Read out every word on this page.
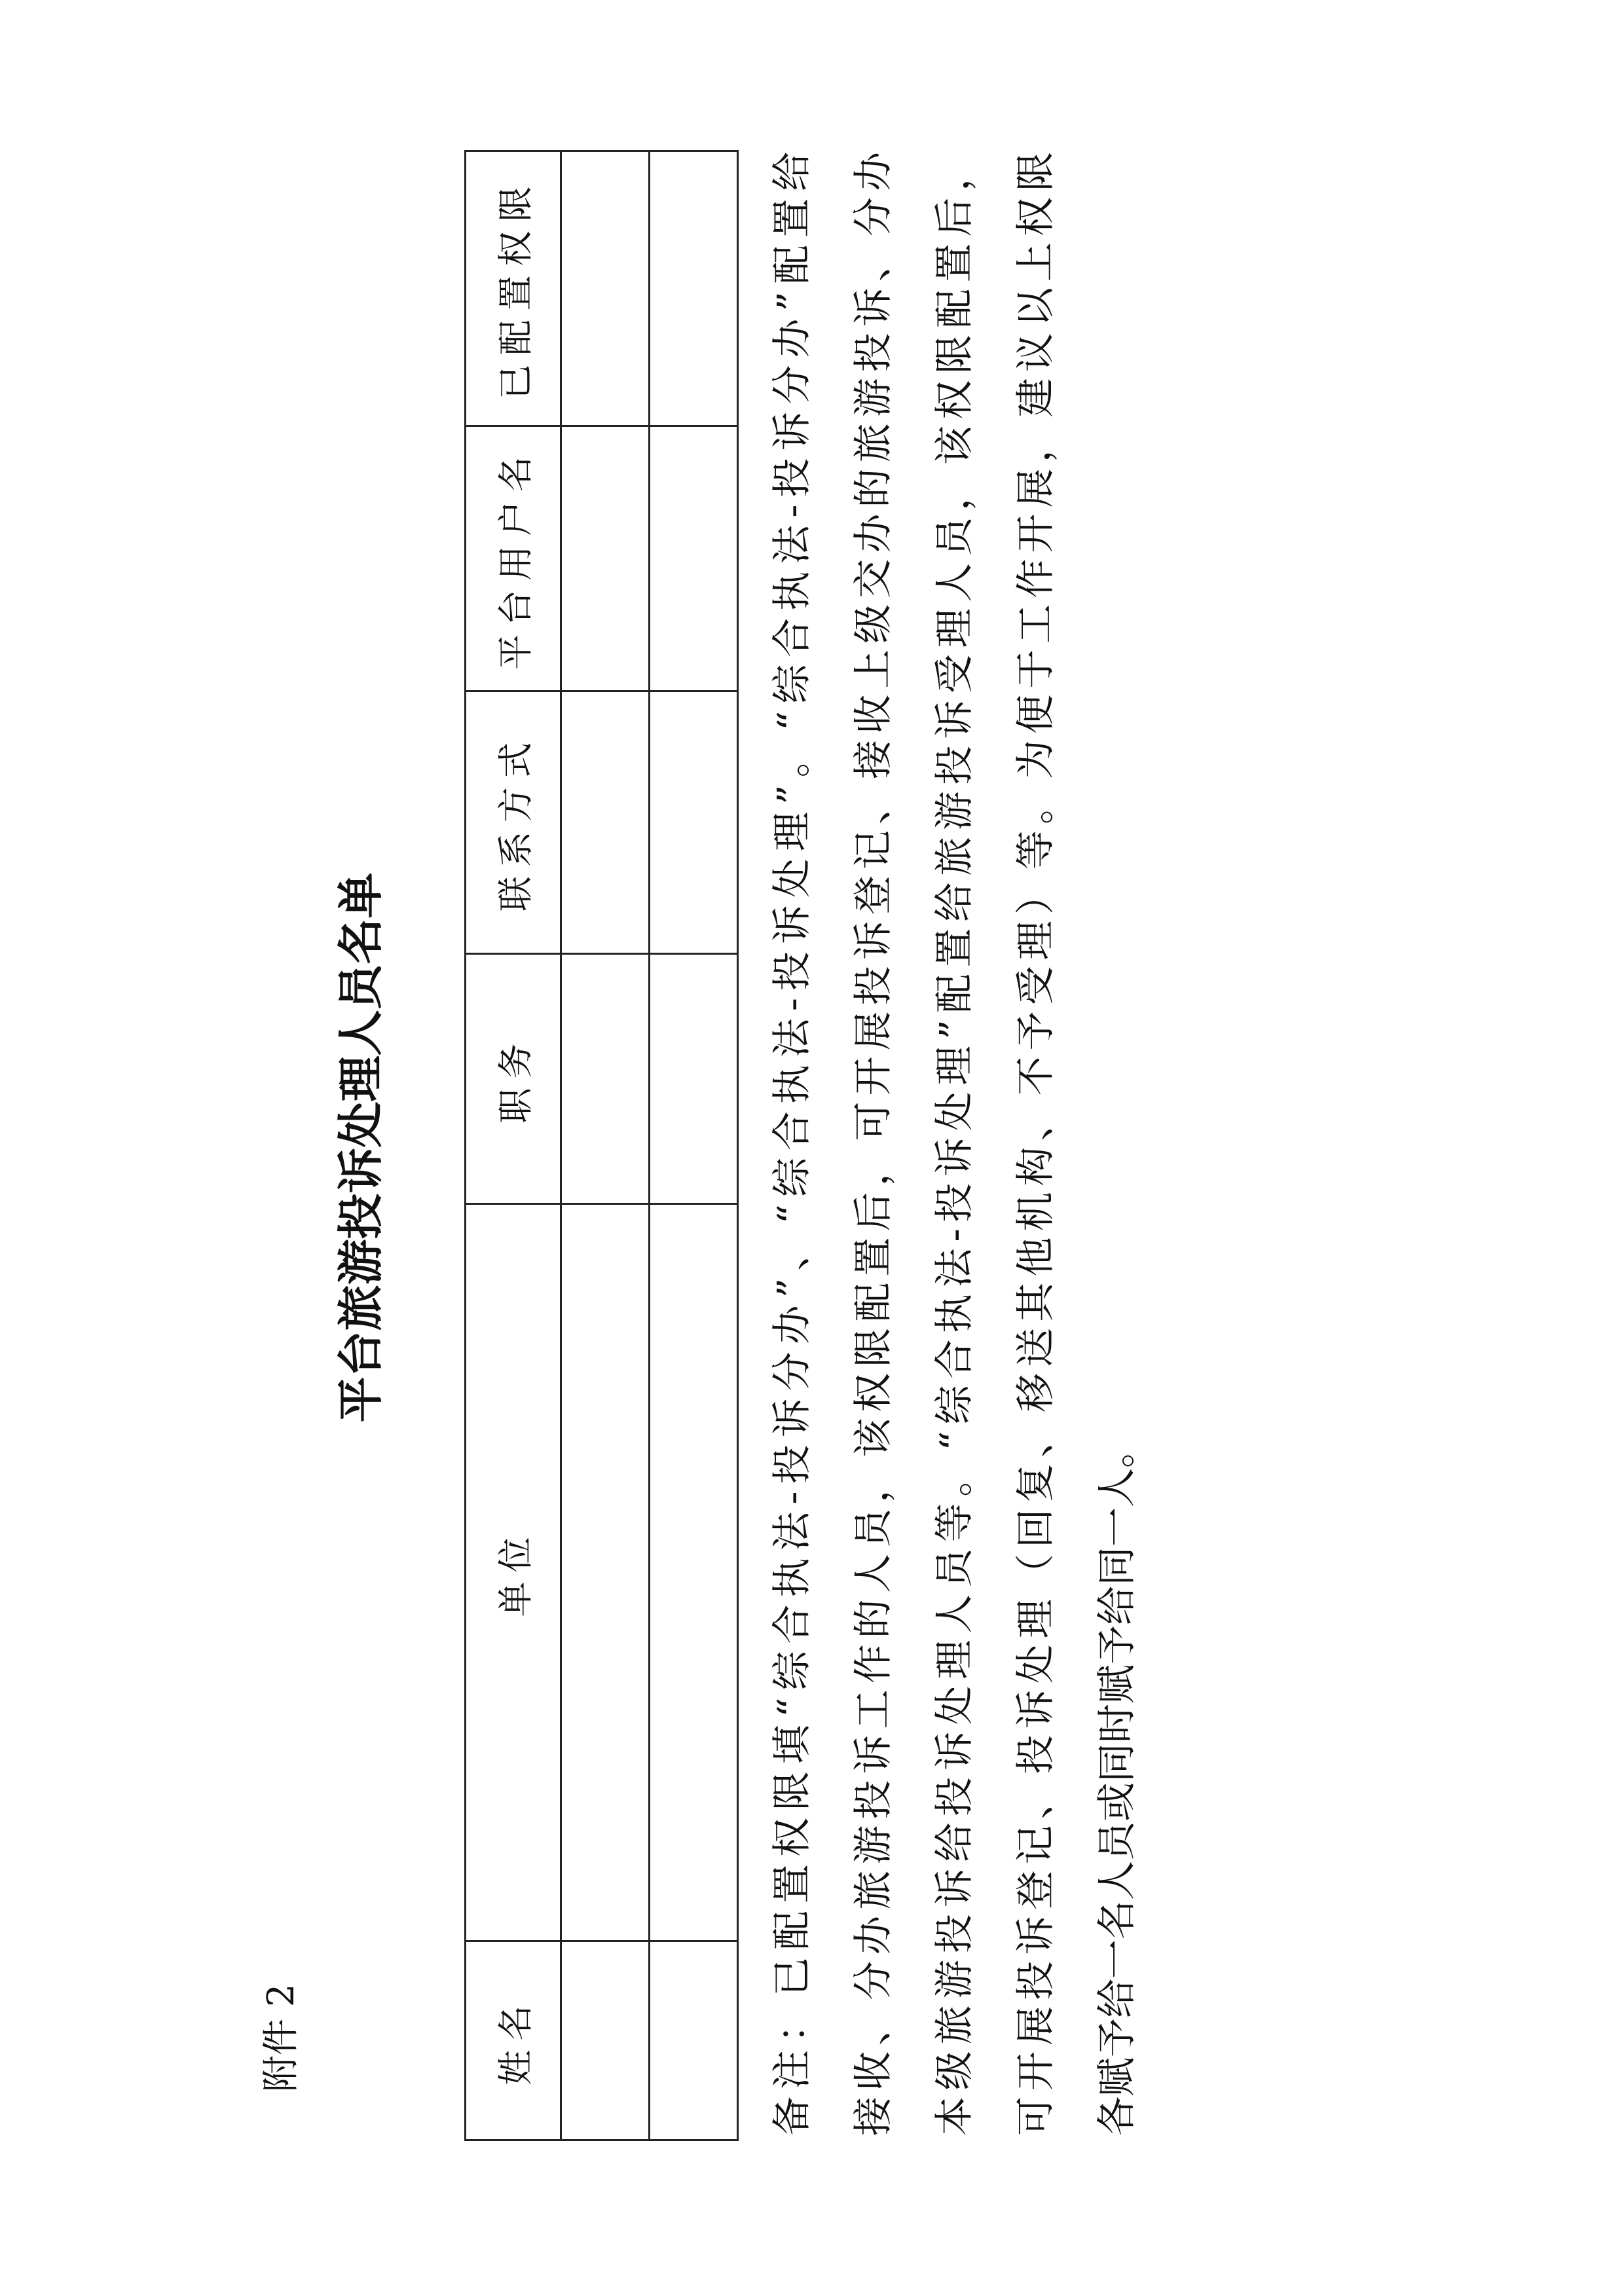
附件 2
平台旅游投诉处理人员名单
姓名	单位	职务	联系方式	平台用户名	已配置权限

						备注：已配置权限填“综合执法-投诉分办”、“综合执法-投诉处理”。“综合执法-投诉分办”配置给 接收、分办旅游投诉工作的人员，该权限配置后，可开展投诉登记、接收上级交办的旅游投诉、分办 本级旅游投诉给投诉处理人员等。“综合执法-投诉处理”配置给旅游投诉受理人员，该权限配置后， 可开展投诉登记、投诉处理（回复、移送其他机构、不予受理）等。为便于工作开展，建议以上权限 各赋予给一名人员或同时赋予给同一人。
